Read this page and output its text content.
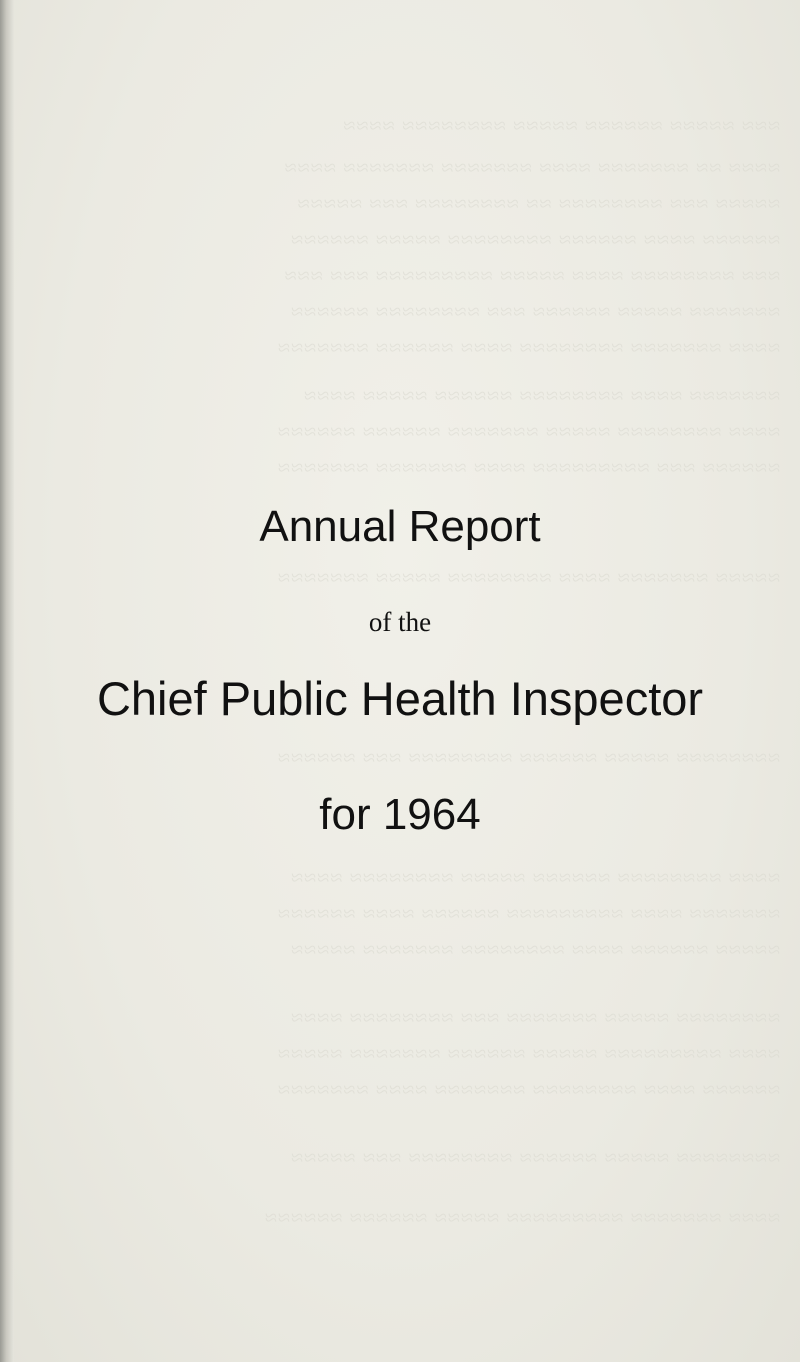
≈≈≈ ≈≈≈≈≈ ≈≈≈≈≈≈ ≈≈≈≈≈ ≈≈≈≈≈≈≈≈ ≈≈≈≈
≈≈≈≈ ≈≈ ≈≈≈≈≈≈≈ ≈≈≈≈ ≈≈≈≈≈≈≈ ≈≈≈≈≈≈≈ ≈≈≈≈
≈≈≈≈≈ ≈≈≈ ≈≈≈≈≈≈≈≈ ≈≈ ≈≈≈≈≈≈≈≈ ≈≈≈ ≈≈≈≈≈
≈≈≈≈≈≈ ≈≈≈≈ ≈≈≈≈≈≈ ≈≈≈≈≈≈≈≈ ≈≈≈≈≈ ≈≈≈≈≈≈
≈≈≈ ≈≈≈≈≈≈≈≈ ≈≈≈≈ ≈≈≈≈≈ ≈≈≈≈≈≈≈≈≈ ≈≈≈ ≈≈≈
≈≈≈≈≈≈≈ ≈≈≈≈≈ ≈≈≈≈≈≈ ≈≈≈ ≈≈≈≈≈≈≈≈ ≈≈≈≈≈≈
≈≈≈≈ ≈≈≈≈≈≈≈ ≈≈≈≈≈≈≈≈ ≈≈≈≈ ≈≈≈≈≈≈ ≈≈≈≈≈≈≈
≈≈≈≈≈≈≈ ≈≈≈≈ ≈≈≈≈≈≈≈≈ ≈≈≈≈≈≈ ≈≈≈≈≈ ≈≈≈≈
≈≈≈≈ ≈≈≈≈≈≈≈≈ ≈≈≈≈≈ ≈≈≈≈≈≈≈ ≈≈≈≈≈≈ ≈≈≈≈≈≈
≈≈≈≈≈≈ ≈≈≈ ≈≈≈≈≈≈≈≈≈ ≈≈≈≈ ≈≈≈≈≈≈≈ ≈≈≈≈≈≈≈
≈≈≈≈≈ ≈≈≈≈≈≈≈ ≈≈≈≈ ≈≈≈≈≈≈≈≈ ≈≈≈≈≈ ≈≈≈≈≈≈≈
≈≈≈≈≈≈≈≈ ≈≈≈≈≈ ≈≈≈≈≈≈ ≈≈≈≈≈≈≈≈ ≈≈≈ ≈≈≈≈≈≈
≈≈≈≈ ≈≈≈≈≈≈≈≈ ≈≈≈≈≈≈ ≈≈≈≈≈ ≈≈≈≈≈≈≈≈ ≈≈≈≈
≈≈≈≈≈≈≈ ≈≈≈≈ ≈≈≈≈≈≈≈≈≈ ≈≈≈≈≈≈ ≈≈≈≈ ≈≈≈≈≈≈
≈≈≈≈≈ ≈≈≈≈≈≈ ≈≈≈≈ ≈≈≈≈≈≈≈≈ ≈≈≈≈≈≈≈ ≈≈≈≈≈
≈≈≈≈≈≈≈≈ ≈≈≈≈≈ ≈≈≈≈≈≈≈ ≈≈≈ ≈≈≈≈≈≈≈≈ ≈≈≈≈
≈≈≈≈ ≈≈≈≈≈≈≈≈≈ ≈≈≈≈≈ ≈≈≈≈≈≈ ≈≈≈≈≈≈≈ ≈≈≈≈≈
≈≈≈≈≈≈ ≈≈≈≈ ≈≈≈≈≈≈≈≈ ≈≈≈≈≈≈≈ ≈≈≈≈ ≈≈≈≈≈≈≈
≈≈≈≈≈≈≈≈ ≈≈≈≈≈ ≈≈≈≈≈≈ ≈≈≈≈≈≈≈≈ ≈≈≈ ≈≈≈≈≈
≈≈≈≈ ≈≈≈≈≈≈≈ ≈≈≈≈≈≈≈≈≈ ≈≈≈≈≈ ≈≈≈≈≈≈ ≈≈≈≈≈≈
Annual Report
of the
Chief Public Health Inspector
for 1964
